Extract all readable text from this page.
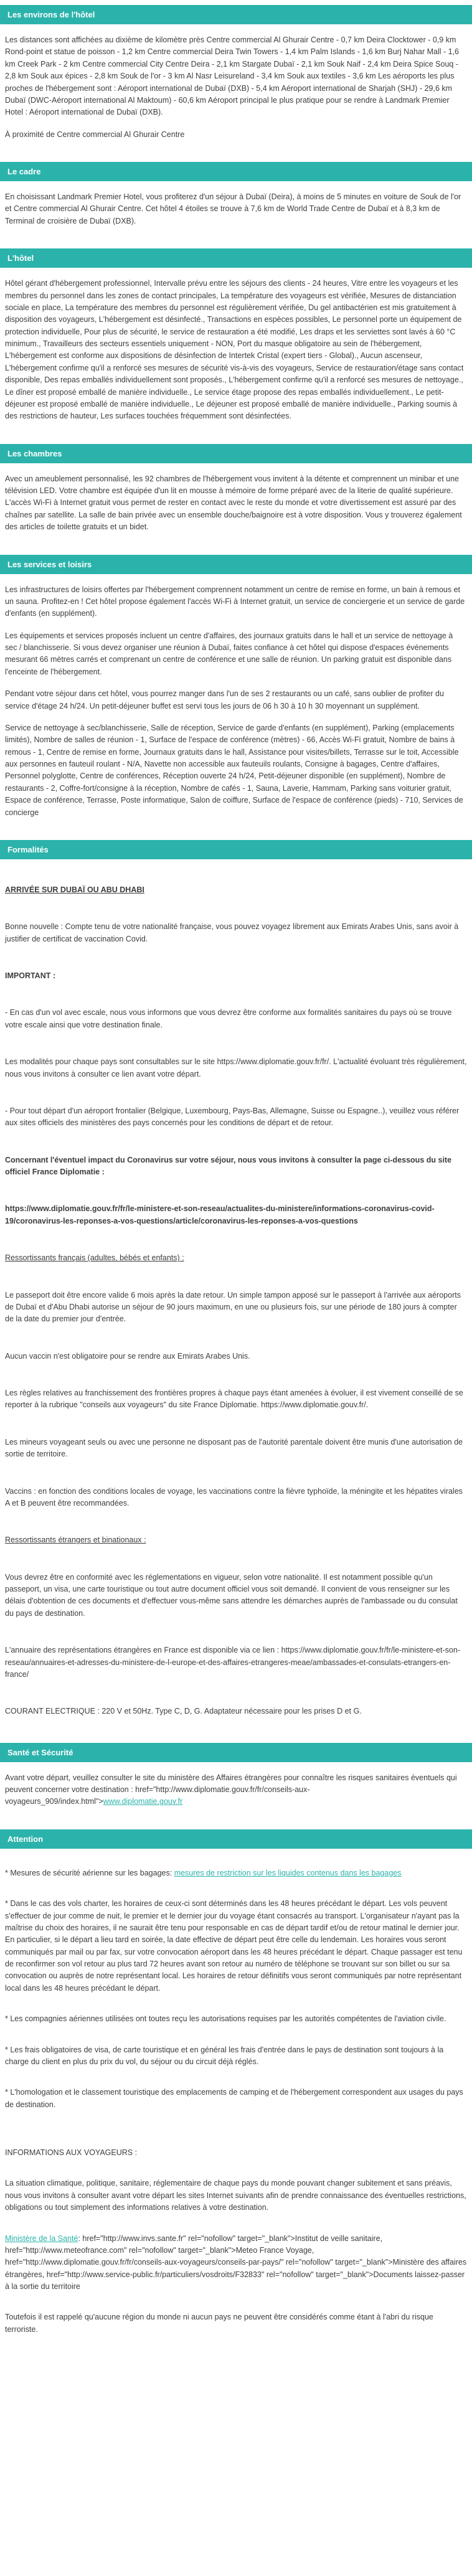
Les environs de l'hôtel

Les distances sont affichées au dixième de kilomètre près Centre commercial Al Ghurair Centre - 0,7 km Deira Clocktower - 0,9 km Rond-point et statue de poisson - 1,2 km Centre commercial Deira Twin Towers - 1,4 km Palm Islands - 1,6 km Burj Nahar Mall - 1,6 km Creek Park - 2 km Centre commercial City Centre Deira - 2,1 km Stargate Dubaï - 2,1 km Souk Naif - 2,4 km Deira Spice Souq - 2,8 km Souk aux épices - 2,8 km Souk de l'or - 3 km Al Nasr Leisureland - 3,4 km Souk aux textiles - 3,6 km Les aéroports les plus proches de l'hébergement sont : Aéroport international de Dubaï (DXB) - 5,4 km Aéroport international de Sharjah (SHJ) - 29,6 km Dubaï (DWC-Aéroport international Al Maktoum) - 60,6 km Aéroport principal le plus pratique pour se rendre à Landmark Premier Hotel : Aéroport international de Dubaï (DXB).

À proximité de Centre commercial Al Ghurair Centre

Le cadre

En choisissant Landmark Premier Hotel, vous profiterez d'un séjour à Dubaï (Deira), à moins de 5 minutes en voiture de Souk de l'or et Centre commercial Al Ghurair Centre. Cet hôtel 4 étoiles se trouve à 7,6 km de World Trade Centre de Dubaï et à 8,3 km de Terminal de croisière de Dubaï (DXB).

L'hôtel

Hôtel gérant d'hébergement professionnel, Intervalle prévu entre les séjours des clients - 24 heures, Vitre entre les voyageurs et les membres du personnel dans les zones de contact principales, La température des voyageurs est vérifiée, Mesures de distanciation sociale en place, La température des membres du personnel est régulièrement vérifiée, Du gel antibactérien est mis gratuitement à disposition des voyageurs, L'hébergement est désinfecté., Transactions en espèces possibles, Le personnel porte un équipement de protection individuelle, Pour plus de sécurité, le service de restauration a été modifié, Les draps et les serviettes sont lavés à 60 °C minimum., Travailleurs des secteurs essentiels uniquement - NON, Port du masque obligatoire au sein de l'hébergement, L'hébergement est conforme aux dispositions de désinfection de Intertek Cristal (expert tiers - Global)., Aucun ascenseur, L'hébergement confirme qu'il a renforcé ses mesures de sécurité vis-à-vis des voyageurs, Service de restauration/étage sans contact disponible, Des repas emballés individuellement sont proposés., L'hébergement confirme qu'il a renforcé ses mesures de nettoyage., Le dîner est proposé emballé de manière individuelle., Le service étage propose des repas emballés individuellement., Le petit-déjeuner est proposé emballé de manière individuelle., Le déjeuner est proposé emballé de manière individuelle., Parking soumis à des restrictions de hauteur, Les surfaces touchées fréquemment sont désinfectées.

Les chambres

Avec un ameublement personnalisé, les 92 chambres de l'hébergement vous invitent à la détente et comprennent un minibar et une télévision LED. Votre chambre est équipée d'un lit en mousse à mémoire de forme préparé avec de la literie de qualité supérieure. L'accès Wi-Fi à Internet gratuit vous permet de rester en contact avec le reste du monde et votre divertissement est assuré par des chaînes par satellite. La salle de bain privée avec un ensemble douche/baignoire est à votre disposition. Vous y trouverez également des articles de toilette gratuits et un bidet.

Les services et loisirs

Les infrastructures de loisirs offertes par l'hébergement comprennent notamment un centre de remise en forme, un bain à remous et un sauna. Profitez-en ! Cet hôtel propose également l'accès Wi-Fi à Internet gratuit, un service de conciergerie et un service de garde d'enfants (en supplément).

Les équipements et services proposés incluent un centre d'affaires, des journaux gratuits dans le hall et un service de nettoyage à sec / blanchisserie. Si vous devez organiser une réunion à Dubaï, faites confiance à cet hôtel qui dispose d'espaces événements mesurant 66 mètres carrés et comprenant un centre de conférence et une salle de réunion. Un parking gratuit est disponible dans l'enceinte de l'hébergement.

Pendant votre séjour dans cet hôtel, vous pourrez manger dans l'un de ses 2 restaurants ou un café, sans oublier de profiter du service d'étage 24 h/24. Un petit-déjeuner buffet est servi tous les jours de 06 h 30 à 10 h 30 moyennant un supplément.

Service de nettoyage à sec/blanchisserie, Salle de réception, Service de garde d'enfants (en supplément), Parking (emplacements limités), Nombre de salles de réunion - 1, Surface de l'espace de conférence (mètres) - 66, Accès Wi-Fi gratuit, Nombre de bains à remous - 1, Centre de remise en forme, Journaux gratuits dans le hall, Assistance pour visites/billets, Terrasse sur le toit, Accessible aux personnes en fauteuil roulant - N/A, Navette non accessible aux fauteuils roulants, Consigne à bagages, Centre d'affaires, Personnel polyglotte, Centre de conférences, Réception ouverte 24 h/24, Petit-déjeuner disponible (en supplément), Nombre de restaurants - 2, Coffre-fort/consigne à la réception, Nombre de cafés - 1, Sauna, Laverie, Hammam, Parking sans voiturier gratuit, Espace de conférence, Terrasse, Poste informatique, Salon de coiffure, Surface de l'espace de conférence (pieds) - 710, Services de concierge

Formalités

ARRIVÉE SUR DUBAÏ OU ABU DHABI

Bonne nouvelle : Compte tenu de votre nationalité française, vous pouvez voyagez librement aux Emirats Arabes Unis, sans avoir à justifier de certificat de vaccination Covid.

IMPORTANT :

- En cas d'un vol avec escale, nous vous informons que vous devrez être conforme aux formalités sanitaires du pays où se trouve votre escale ainsi que votre destination finale.

Les modalités pour chaque pays sont consultables sur le site https://www.diplomatie.gouv.fr/fr/. L'actualité évoluant très régulièrement, nous vous invitons à consulter ce lien avant votre départ.

- Pour tout départ d'un aéroport frontalier (Belgique, Luxembourg, Pays-Bas, Allemagne, Suisse ou Espagne..), veuillez vous référer aux sites officiels des ministères des pays concernés pour les conditions de départ et de retour.

Concernant l'éventuel impact du Coronavirus sur votre séjour, nous vous invitons à consulter la page ci-dessous du site officiel France Diplomatie :

https://www.diplomatie.gouv.fr/fr/le-ministere-et-son-reseau/actualites-du-ministere/informations-coronavirus-covid-19/coronavirus-les-reponses-a-vos-questions/article/coronavirus-les-reponses-a-vos-questions

Ressortissants français (adultes, bébés et enfants) :

Le passeport doit être encore valide 6 mois après la date retour. Un simple tampon apposé sur le passeport à l'arrivée aux aéroports de Dubaï et d'Abu Dhabi autorise un séjour de 90 jours maximum, en une ou plusieurs fois, sur une période de 180 jours à compter de la date du premier jour d'entrée.

Aucun vaccin n'est obligatoire pour se rendre aux Emirats Arabes Unis.

Les règles relatives au franchissement des frontières propres à chaque pays étant amenées à évoluer, il est vivement conseillé de se reporter à la rubrique "conseils aux voyageurs" du site France Diplomatie. https://www.diplomatie.gouv.fr/.

Les mineurs voyageant seuls ou avec une personne ne disposant pas de l'autorité parentale doivent être munis d'une autorisation de sortie de territoire.

Vaccins : en fonction des conditions locales de voyage, les vaccinations contre la fièvre typhoïde, la méningite et les hépatites virales A et B peuvent être recommandées.

Ressortissants étrangers et binationaux :

Vous devrez être en conformité avec les réglementations en vigueur, selon votre nationalité. Il est notamment possible qu'un passeport, un visa, une carte touristique ou tout autre document officiel vous soit demandé. Il convient de vous renseigner sur les délais d'obtention de ces documents et d'effectuer vous-même sans attendre les démarches auprès de l'ambassade ou du consulat du pays de destination.

L'annuaire des représentations étrangères en France est disponible via ce lien : https://www.diplomatie.gouv.fr/fr/le-ministere-et-son-reseau/annuaires-et-adresses-du-ministere-de-l-europe-et-des-affaires-etrangeres-meae/ambassades-et-consulats-etrangers-en-france/

COURANT ELECTRIQUE : 220 V et 50Hz. Type C, D, G. Adaptateur nécessaire pour les prises D et G.

Santé et Sécurité

Avant votre départ, veuillez consulter le site du ministère des Affaires étrangères pour connaître les risques sanitaires éventuels qui peuvent concerner votre destination : href="http://www.diplomatie.gouv.fr/fr/conseils-aux-voyageurs_909/index.html">www.diplomatie.gouv.fr

Attention

* Mesures de sécurité aérienne sur les bagages: mesures de restriction sur les liquides contenus dans les bagages

* Dans le cas des vols charter, les horaires de ceux-ci sont déterminés dans les 48 heures précédant le départ. Les vols peuvent s'effectuer de jour comme de nuit, le premier et le dernier jour du voyage étant consacrés au transport. L'organisateur n'ayant pas la maîtrise du choix des horaires, il ne saurait être tenu pour responsable en cas de départ tardif et/ou de retour matinal le dernier jour. En particulier, si le départ a lieu tard en soirée, la date effective de départ peut être celle du lendemain. Les horaires vous seront communiqués par mail ou par fax, sur votre convocation aéroport dans les 48 heures précédant le départ. Chaque passager est tenu de reconfirmer son vol retour au plus tard 72 heures avant son retour au numéro de téléphone se trouvant sur son billet ou sur sa convocation ou auprès de notre représentant local. Les horaires de retour définitifs vous seront communiqués par notre représentant local dans les 48 heures précédant le départ.

* Les compagnies aériennes utilisées ont toutes reçu les autorisations requises par les autorités compétentes de l'aviation civile.

* Les frais obligatoires de visa, de carte touristique et en général les frais d'entrée dans le pays de destination sont toujours à la charge du client en plus du prix du vol, du séjour ou du circuit déjà réglés.

* L'homologation et le classement touristique des emplacements de camping et de l'hébergement correspondent aux usages du pays de destination.

INFORMATIONS AUX VOYAGEURS :

La situation climatique, politique, sanitaire, réglementaire de chaque pays du monde pouvant changer subitement et sans préavis, nous vous invitons à consulter avant votre départ les sites Internet suivants afin de prendre connaissance des éventuelles restrictions, obligations ou tout simplement des informations relatives à votre destination.

Ministère de la Santé: href="http://www.invs.sante.fr" rel="nofollow" target="_blank">Institut de veille sanitaire, href="http://www.meteofrance.com" rel="nofollow" target="_blank">Meteo France Voyage, href="http://www.diplomatie.gouv.fr/fr/conseils-aux-voyageurs/conseils-par-pays/" rel="nofollow" target="_blank">Ministère des affaires étrangères, href="http://www.service-public.fr/particuliers/vosdroits/F32833" rel="nofollow" target="_blank">Documents laissez-passer à la sortie du territoire

Toutefois il est rappelé qu'aucune région du monde ni aucun pays ne peuvent être considérés comme étant à l'abri du risque terroriste.
